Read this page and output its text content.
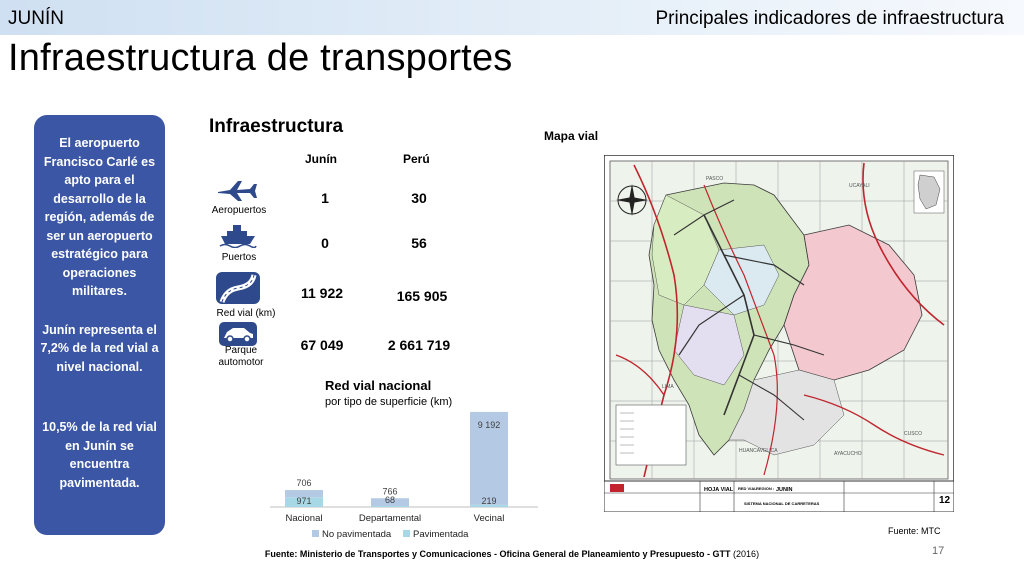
JUNÍN	Principales indicadores de infraestructura
Infraestructura de transportes

El aeropuerto Francisco Carlé es apto para el desarrollo de la región, además de ser un aeropuerto estratégico para operaciones militares.

Junín representa el 7,2% de la red vial a nivel nacional.

10,5% de la red vial en Junín se encuentra pavimentada.

Infraestructura
Junín	Perú
Aeropuertos
1	30
Puertos
0	56
Red vial (km)
11 922	165 905
Parque automotor
67 049	2 661 719
Red vial nacional
por tipo de superficie (km)
706
971
Nacional
766
68
Departamental
9 192
219
Vecinal
No pavimentada Pavimentada
Mapa vial
PASCO
UCAYALI
LIMA
HUANCAVELICA	AYACUCHO
CUSCO
HOJA VIAL RED VIAL REGION : JUNIN
SISTEMA NACIONAL DE CARRETERAS	12
Fuente: MTC
17
Fuente: Ministerio de Transportes y Comunicaciones - Oficina General de Planeamiento y Presupuesto - GTT (2016)
